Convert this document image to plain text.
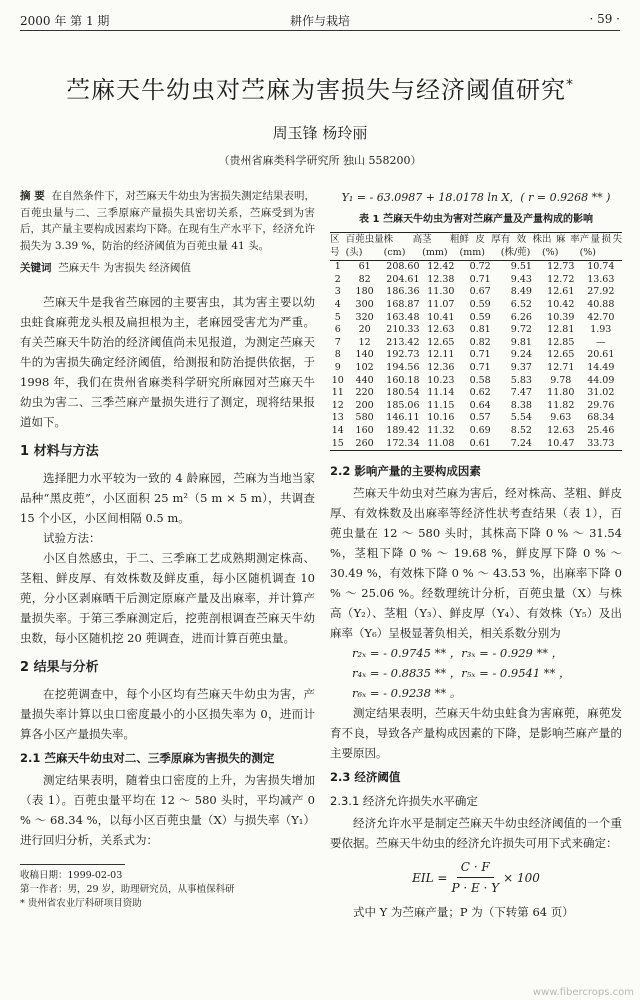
2000 年 第 1 期	耕作与栽培	· 59 ·
苎麻天牛幼虫对苎麻为害损失与经济阈值研究*
周玉锋 杨玲丽
（贵州省麻类科学研究所 独山 558200）
摘 要 在自然条件下，对苎麻天牛幼虫为害损失测定结果表明，百蔸虫量与二、三季原麻产量损失具密切关系，苎麻受到为害后，其产量主要构成因素均下降。在现有生产水平下，经济允许损失为 3.39 %，防治的经济阈值为百蔸虫量 41 头。
关键词 苎麻天牛 为害损失 经济阈值

苎麻天牛是我省苎麻园的主要害虫，其为害主要以幼虫蛀食麻蔸龙头根及扁担根为主，老麻园受害尤为严重。有关苎麻天牛防治的经济阈值尚未见报道，为测定苎麻天牛的为害损失确定经济阈值，给测报和防治提供依据，于 1998 年，我们在贵州省麻类科学研究所麻园对苎麻天牛幼虫为害二、三季苎麻产量损失进行了测定，现将结果报道如下。

1 材料与方法

选择肥力水平较为一致的 4 龄麻园，苎麻为当地当家品种“黑皮蔸”，小区面积 25 m²（5 m × 5 m），共调查 15 个小区，小区间相隔 0.5 m。

试验方法：

小区自然感虫，于二、三季麻工艺成熟期测定株高、茎粗、鲜皮厚、有效株数及鲜皮重，每小区随机调查 10 蔸，分小区剥麻晒干后测定原麻产量及出麻率，并计算产量损失率。于第三季麻测定后，挖蔸剖根调查苎麻天牛幼虫数，每小区随机挖 20 蔸调查，进而计算百蔸虫量。

2 结果与分析

在挖蔸调查中，每个小区均有苎麻天牛幼虫为害，产量损失率计算以虫口密度最小的小区损失率为 0，进而计算各小区产量损失率。

2.1 苎麻天牛幼虫对二、三季原麻为害损失的测定

测定结果表明，随着虫口密度的上升，为害损失增加（表 1）。百蔸虫量平均在 12 ～ 580 头时，平均减产 0 % ～ 68.34 %，以每小区百蔸虫量（X）与损失率（Y₁）进行回归分析，关系式为：

收稿日期：1999-02-03

第一作者：男，29 岁，助理研究员，从事植保科研

* 贵州省农业厅科研项目资助

Y₁ = - 63.0987 + 18.0178 ln X，( r = 0.9268 ** )

表 1 苎麻天牛幼虫为害对苎麻产量及产量构成的影响
区号	百蔸虫量 (头)	株高 (cm)	茎粗 (mm)	鲜皮厚 (mm)	有效株 (株/蔸)	出麻率 (%)	产量损失 (%)
1	61	208.60	12.42	0.72	9.51	12.73	10.74
2	82	204.61	12.38	0.71	9.43	12.72	13.63
3	180	186.36	11.30	0.67	8.49	12.61	27.92
4	300	168.87	11.07	0.59	6.52	10.42	40.88
5	320	163.48	10.41	0.59	6.26	10.39	42.70
6	20	210.33	12.63	0.81	9.72	12.81	1.93
7	12	213.42	12.65	0.82	9.81	12.85	—
8	140	192.73	12.11	0.71	9.24	12.65	20.61
9	102	194.56	12.36	0.71	9.37	12.71	14.49
10	440	160.18	10.23	0.58	5.83	9.78	44.09
11	220	180.54	11.14	0.62	7.47	11.80	31.02
12	200	185.06	11.15	0.64	8.38	11.82	29.76
13	580	146.11	10.16	0.57	5.54	9.63	68.34
14	160	189.42	11.32	0.69	8.52	12.63	25.46
15	260	172.34	11.08	0.61	7.24	10.47	33.73
2.2 影响产量的主要构成因素

苎麻天牛幼虫对苎麻为害后，经对株高、茎粗、鲜皮厚、有效株数及出麻率等经济性状考查结果（表 1），百蔸虫量在 12 ～ 580 头时，其株高下降 0 % ～ 31.54 %，茎粗下降 0 % ～ 19.68 %，鲜皮厚下降 0 % ～ 30.49 %，有效株下降 0 % ～ 43.53 %，出麻率下降 0 % ～ 25.06 %。经数理统计分析，百蔸虫量（X）与株高（Y₂）、茎粗（Y₃）、鲜皮厚（Y₄）、有效株（Y₅）及出麻率（Y₆）呈极显著负相关，相关系数分别为

r₂ₓ = - 0.9745 ** ，r₃ₓ = - 0.929 ** ，

r₄ₓ = - 0.8835 ** ，r₅ₓ = - 0.9541 ** ，

r₆ₓ = - 0.9238 ** 。

测定结果表明，苎麻天牛幼虫蛀食为害麻蔸，麻蔸发育不良，导致各产量构成因素的下降，是影响苎麻产量的主要原因。

2.3 经济阈值
2.3.1 经济允许损失水平确定

经济允许水平是制定苎麻天牛幼虫经济阈值的一个重要依据。苎麻天牛幼虫的经济允许损失可用下式来确定：

EIL = $\frac{C \cdot F}{P \cdot E \cdot Y} \times 100$

式中 Y 为苎麻产量；P 为（下转第 64 页）

www.fibercrops.com
